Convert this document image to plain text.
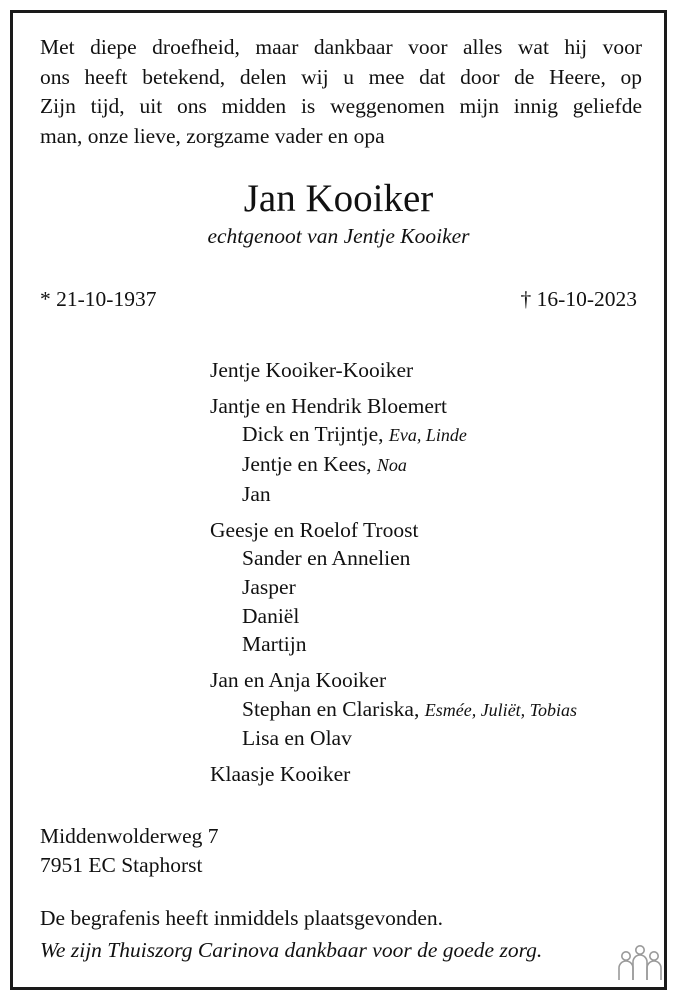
Met diepe droefheid, maar dankbaar voor alles wat hij voor
ons heeft betekend, delen wij u mee dat door de Heere, op
Zijn tijd, uit ons midden is weggenomen mijn innig geliefde
man, onze lieve, zorgzame vader en opa
Jan Kooiker
echtgenoot van Jentje Kooiker
* 21-10-1937	† 16-10-2023
Jentje Kooiker-Kooiker
Jantje en Hendrik Bloemert
Dick en Trijntje, Eva, Linde
Jentje en Kees, Noa
Jan
Geesje en Roelof Troost
Sander en Annelien
Jasper
Daniël
Martijn
Jan en Anja Kooiker
Stephan en Clariska, Esmée, Juliët, Tobias
Lisa en Olav
Klaasje Kooiker
Middenwolderweg 7
7951 EC Staphorst
De begrafenis heeft inmiddels plaatsgevonden.
We zijn Thuiszorg Carinova dankbaar voor de goede zorg.
